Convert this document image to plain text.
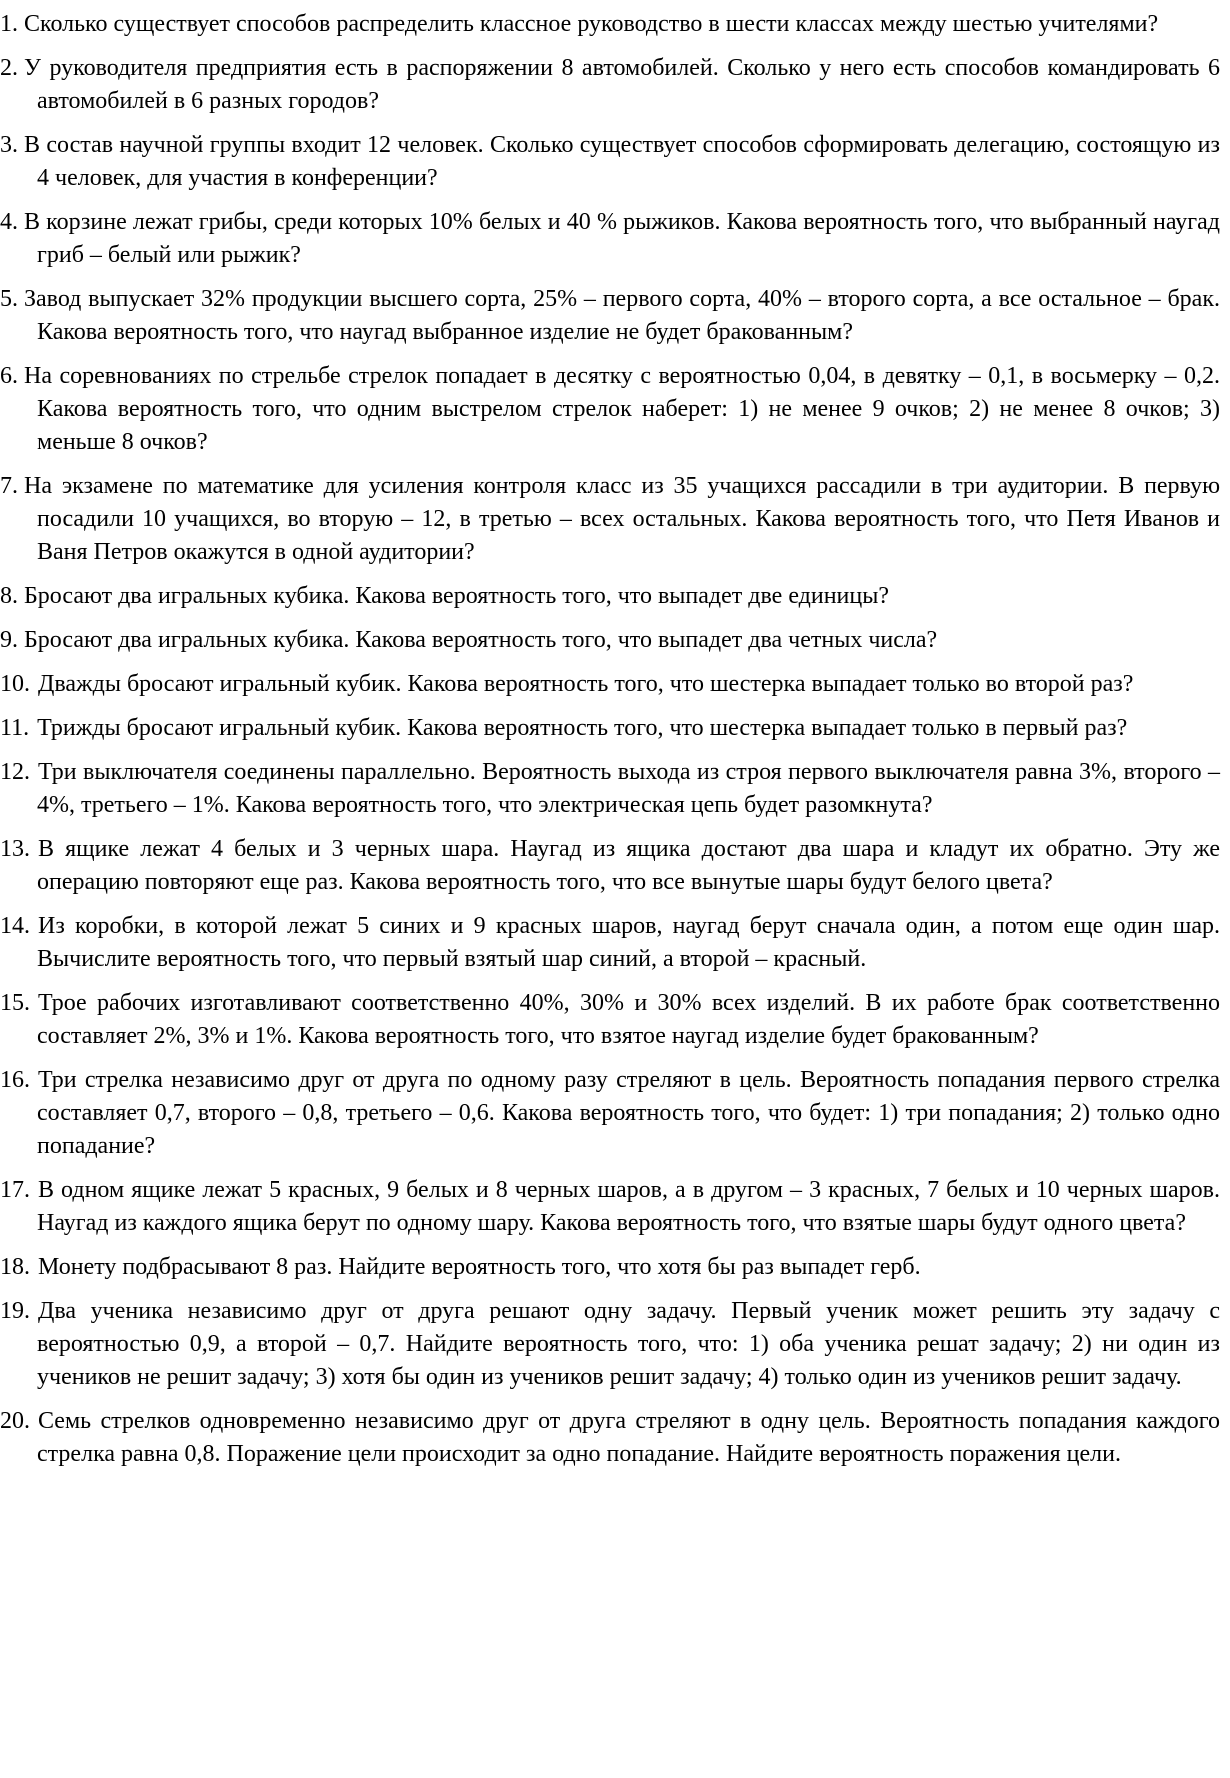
1. Сколько существует способов распределить классное руководство в шести классах между шестью учителями?
2. У руководителя предприятия есть в распоряжении 8 автомобилей. Сколько у него есть способов командировать 6 автомобилей в 6 разных городов?
3. В состав научной группы входит 12 человек. Сколько существует способов сформировать делегацию, состоящую из 4 человек, для участия в конференции?
4. В корзине лежат грибы, среди которых 10% белых и 40 % рыжиков. Какова вероятность того, что выбранный наугад гриб – белый или рыжик?
5. Завод выпускает 32% продукции высшего сорта, 25% – первого сорта, 40% – второго сорта, а все остальное – брак. Какова вероятность того, что наугад выбранное изделие не будет бракованным?
6. На соревнованиях по стрельбе стрелок попадает в десятку с вероятностью 0,04, в девятку – 0,1, в восьмерку – 0,2. Какова вероятность того, что одним выстрелом стрелок наберет: 1) не менее 9 очков; 2) не менее 8 очков; 3) меньше 8 очков?
7. На экзамене по математике для усиления контроля класс из 35 учащихся рассадили в три аудитории. В первую посадили 10 учащихся, во вторую – 12, в третью – всех остальных. Какова вероятность того, что Петя Иванов и Ваня Петров окажутся в одной аудитории?
8. Бросают два игральных кубика. Какова вероятность того, что выпадет две единицы?
9. Бросают два игральных кубика. Какова вероятность того, что выпадет два четных числа?
10. Дважды бросают игральный кубик. Какова вероятность того, что шестерка выпадает только во второй раз?
11. Трижды бросают игральный кубик. Какова вероятность того, что шестерка выпадает только в первый раз?
12. Три выключателя соединены параллельно. Вероятность выхода из строя первого выключателя равна 3%, второго – 4%, третьего – 1%. Какова вероятность того, что электрическая цепь будет разомкнута?
13. В ящике лежат 4 белых и 3 черных шара. Наугад из ящика достают два шара и кладут их обратно. Эту же операцию повторяют еще раз. Какова вероятность того, что все вынутые шары будут белого цвета?
14. Из коробки, в которой лежат 5 синих и 9 красных шаров, наугад берут сначала один, а потом еще один шар. Вычислите вероятность того, что первый взятый шар синий, а второй – красный.
15. Трое рабочих изготавливают соответственно 40%, 30% и 30% всех изделий. В их работе брак соответственно составляет 2%, 3% и 1%. Какова вероятность того, что взятое наугад изделие будет бракованным?
16. Три стрелка независимо друг от друга по одному разу стреляют в цель. Вероятность попадания первого стрелка составляет 0,7, второго – 0,8, третьего – 0,6. Какова вероятность того, что будет: 1) три попадания; 2) только одно попадание?
17. В одном ящике лежат 5 красных, 9 белых и 8 черных шаров, а в другом – 3 красных, 7 белых и 10 черных шаров. Наугад из каждого ящика берут по одному шару. Какова вероятность того, что взятые шары будут одного цвета?
18. Монету подбрасывают 8 раз. Найдите вероятность того, что хотя бы раз выпадет герб.
19. Два ученика независимо друг от друга решают одну задачу. Первый ученик может решить эту задачу с вероятностью 0,9, а второй – 0,7. Найдите вероятность того, что: 1) оба ученика решат задачу; 2) ни один из учеников не решит задачу; 3) хотя бы один из учеников решит задачу; 4) только один из учеников решит задачу.
20. Семь стрелков одновременно независимо друг от друга стреляют в одну цель. Вероятность попадания каждого стрелка равна 0,8. Поражение цели происходит за одно попадание. Найдите вероятность поражения цели.
